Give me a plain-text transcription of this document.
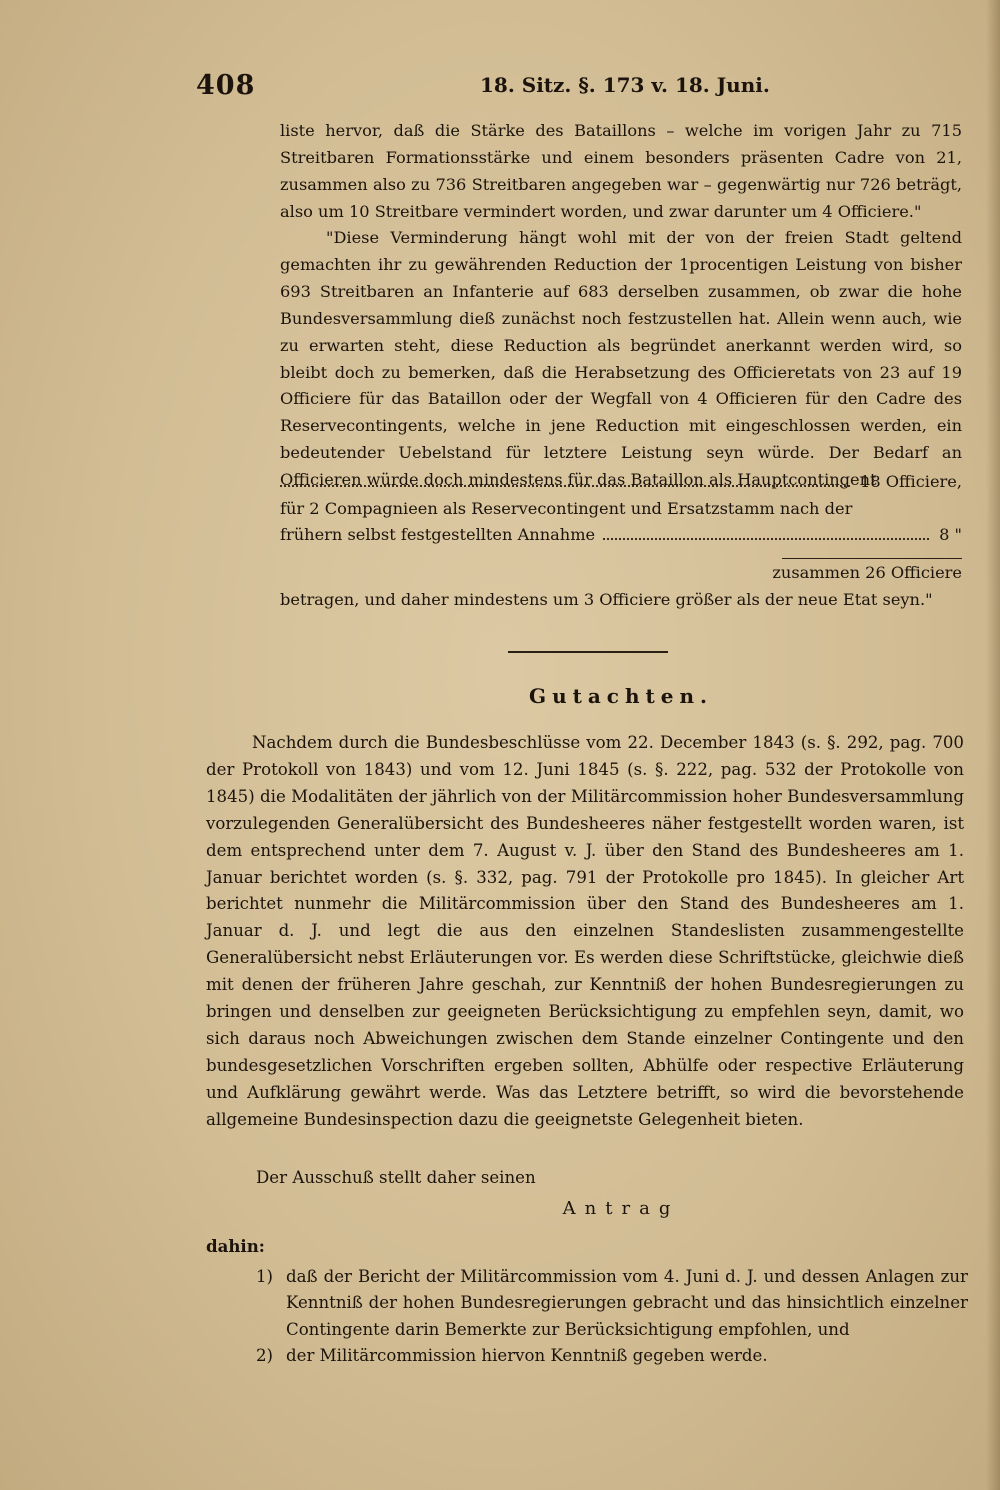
408	18. Sitz. §. 173 v. 18. Juni.

liste hervor, daß die Stärke des Bataillons – welche im vorigen Jahr zu 715 Streitbaren Formationsstärke und einem besonders präsenten Cadre von 21, zusammen also zu 736 Streitbaren angegeben war – gegenwärtig nur 726 beträgt, also um 10 Streitbare vermindert worden, und zwar darunter um 4 Officiere."

"Diese Verminderung hängt wohl mit der von der freien Stadt geltend gemachten ihr zu gewährenden Reduction der 1procentigen Leistung von bisher 693 Streitbaren an Infanterie auf 683 derselben zusammen, ob zwar die hohe Bundesversammlung dieß zunächst noch festzustellen hat. Allein wenn auch, wie zu erwarten steht, diese Reduction als begründet anerkannt werden wird, so bleibt doch zu bemerken, daß die Herabsetzung des Officieretats von 23 auf 19 Officiere für das Bataillon oder der Wegfall von 4 Officieren für den Cadre des Reservecontingents, welche in jene Reduction mit eingeschlossen werden, ein bedeutender Uebelstand für letztere Leistung seyn würde. Der Bedarf an Officieren würde doch mindestens für das Bataillon als Hauptcontingent

18 Officiere,
für 2 Compagnieen als Reservecontingent und Ersatzstamm nach der
frühern selbst festgestellten Annahme	8 "
zusammen 26 Officiere
betragen, und daher mindestens um 3 Officiere größer als der neue Etat seyn."
Gutachten.

Nachdem durch die Bundesbeschlüsse vom 22. December 1843 (s. §. 292, pag. 700 der Protokoll von 1843) und vom 12. Juni 1845 (s. §. 222, pag. 532 der Protokolle von 1845) die Modalitäten der jährlich von der Militärcommission hoher Bundesversammlung vorzulegenden Generalübersicht des Bundesheeres näher festgestellt worden waren, ist dem entsprechend unter dem 7. August v. J. über den Stand des Bundesheeres am 1. Januar berichtet worden (s. §. 332, pag. 791 der Protokolle pro 1845). In gleicher Art berichtet nunmehr die Militärcommission über den Stand des Bundesheeres am 1. Januar d. J. und legt die aus den einzelnen Standeslisten zusammengestellte Generalübersicht nebst Erläuterungen vor. Es werden diese Schriftstücke, gleichwie dieß mit denen der früheren Jahre geschah, zur Kenntniß der hohen Bundesregierungen zu bringen und denselben zur geeigneten Berücksichtigung zu empfehlen seyn, damit, wo sich daraus noch Abweichungen zwischen dem Stande einzelner Contingente und den bundesgesetzlichen Vorschriften ergeben sollten, Abhülfe oder respective Erläuterung und Aufklärung gewährt werde. Was das Letztere betrifft, so wird die bevorstehende allgemeine Bundesinspection dazu die geeignetste Gelegenheit bieten.

Der Ausschuß stellt daher seinen
Antrag
dahin:
1) daß der Bericht der Militärcommission vom 4. Juni d. J. und dessen Anlagen zur Kenntniß der hohen Bundesregierungen gebracht und das hinsichtlich einzelner Contingente darin Bemerkte zur Berücksichtigung empfohlen, und
2) der Militärcommission hiervon Kenntniß gegeben werde.
